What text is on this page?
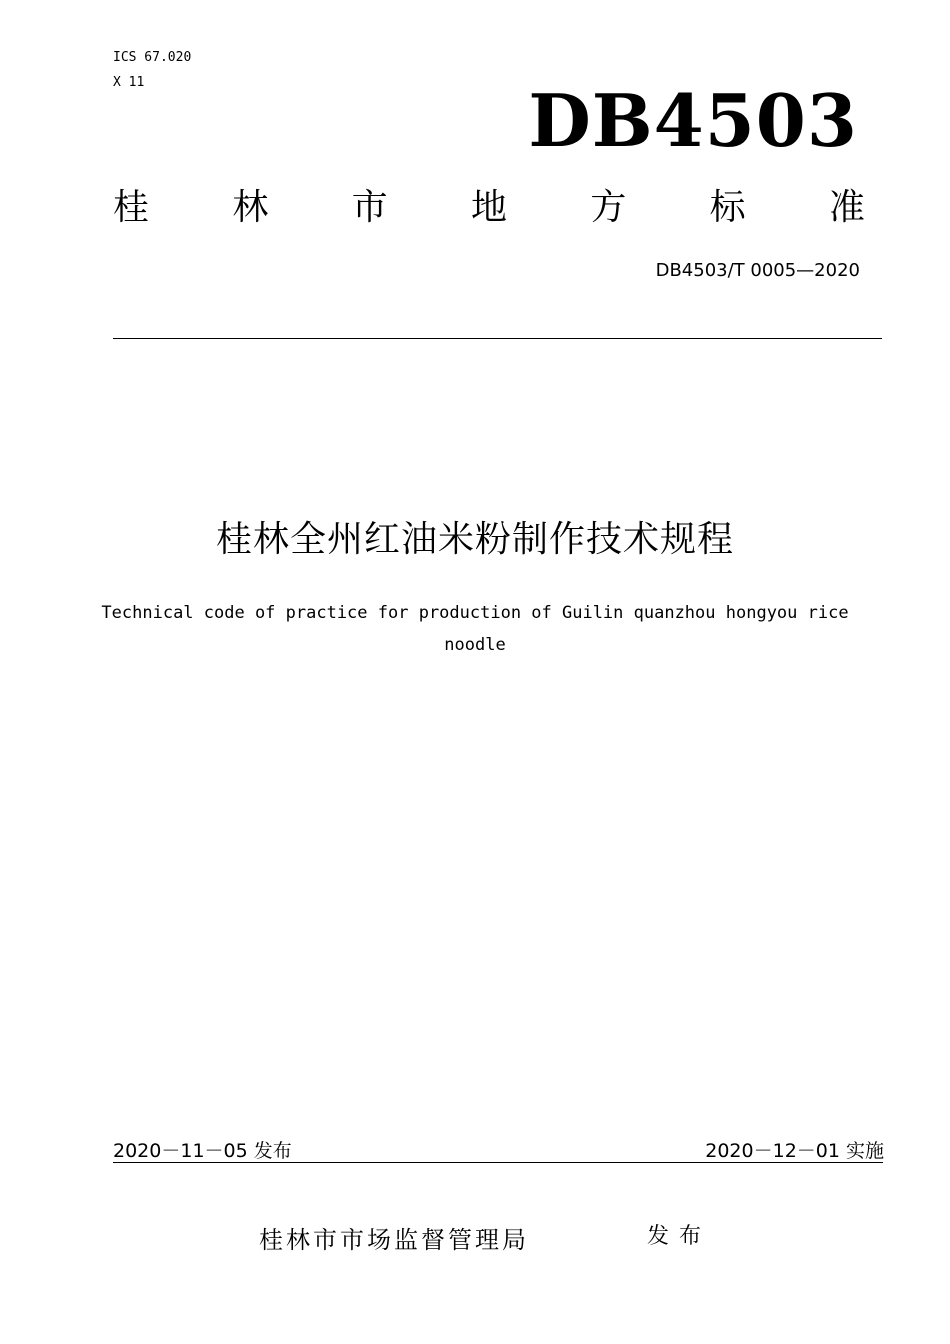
ICS 67.020
X 11	DB4503
桂 林 市 地 方 标 准
DB4503/T 0005—2020
桂林全州红油米粉制作技术规程
Technical code of practice for production of Guilin quanzhou hongyou rice
noodle
2020－11－05 发布	2020－12－01 实施
桂林市市场监督管理局	发布
